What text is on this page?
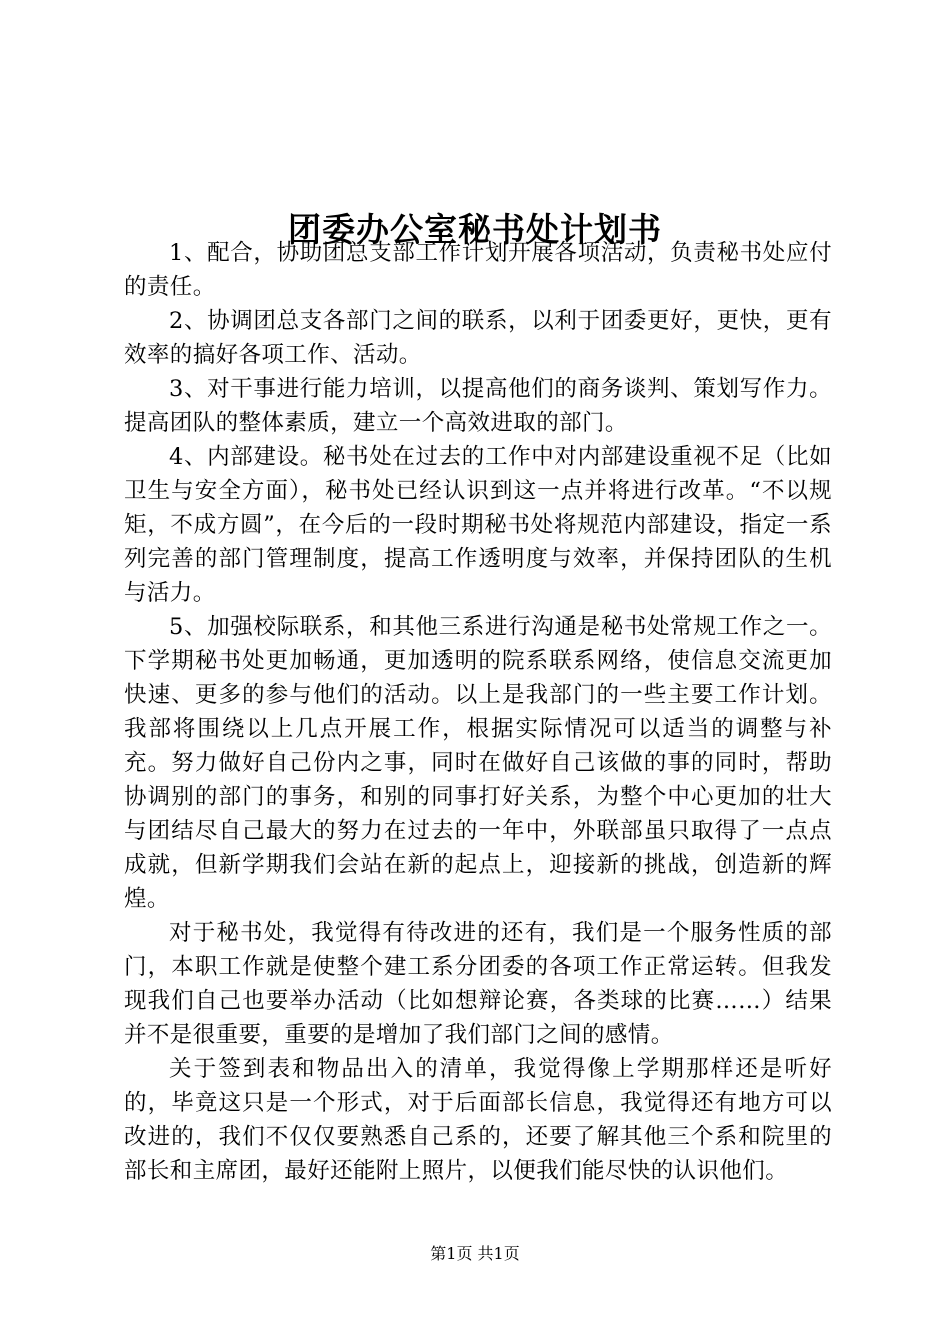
团委办公室秘书处计划书

1、配合，协助团总支部工作计划开展各项活动，负责秘书处应付的责任。

2、协调团总支各部门之间的联系，以利于团委更好，更快，更有效率的搞好各项工作、活动。

3、对干事进行能力培训，以提高他们的商务谈判、策划写作力。提高团队的整体素质，建立一个高效进取的部门。

4、内部建设。秘书处在过去的工作中对内部建设重视不足（比如卫生与安全方面），秘书处已经认识到这一点并将进行改革。“不以规矩，不成方圆”，在今后的一段时期秘书处将规范内部建设，指定一系列完善的部门管理制度，提高工作透明度与效率，并保持团队的生机与活力。

5、加强校际联系，和其他三系进行沟通是秘书处常规工作之一。下学期秘书处更加畅通，更加透明的院系联系网络，使信息交流更加快速、更多的参与他们的活动。以上是我部门的一些主要工作计划。我部将围绕以上几点开展工作，根据实际情况可以适当的调整与补充。努力做好自己份内之事，同时在做好自己该做的事的同时，帮助协调别的部门的事务，和别的同事打好关系，为整个中心更加的壮大与团结尽自己最大的努力在过去的一年中，外联部虽只取得了一点点成就，但新学期我们会站在新的起点上，迎接新的挑战，创造新的辉煌。

对于秘书处，我觉得有待改进的还有，我们是一个服务性质的部门，本职工作就是使整个建工系分团委的各项工作正常运转。但我发现我们自己也要举办活动（比如想辩论赛，各类球的比赛……）结果并不是很重要，重要的是增加了我们部门之间的感情。

关于签到表和物品出入的清单，我觉得像上学期那样还是听好的，毕竟这只是一个形式，对于后面部长信息，我觉得还有地方可以改进的，我们不仅仅要熟悉自己系的，还要了解其他三个系和院里的部长和主席团，最好还能附上照片，以便我们能尽快的认识他们。

第1页 共1页
